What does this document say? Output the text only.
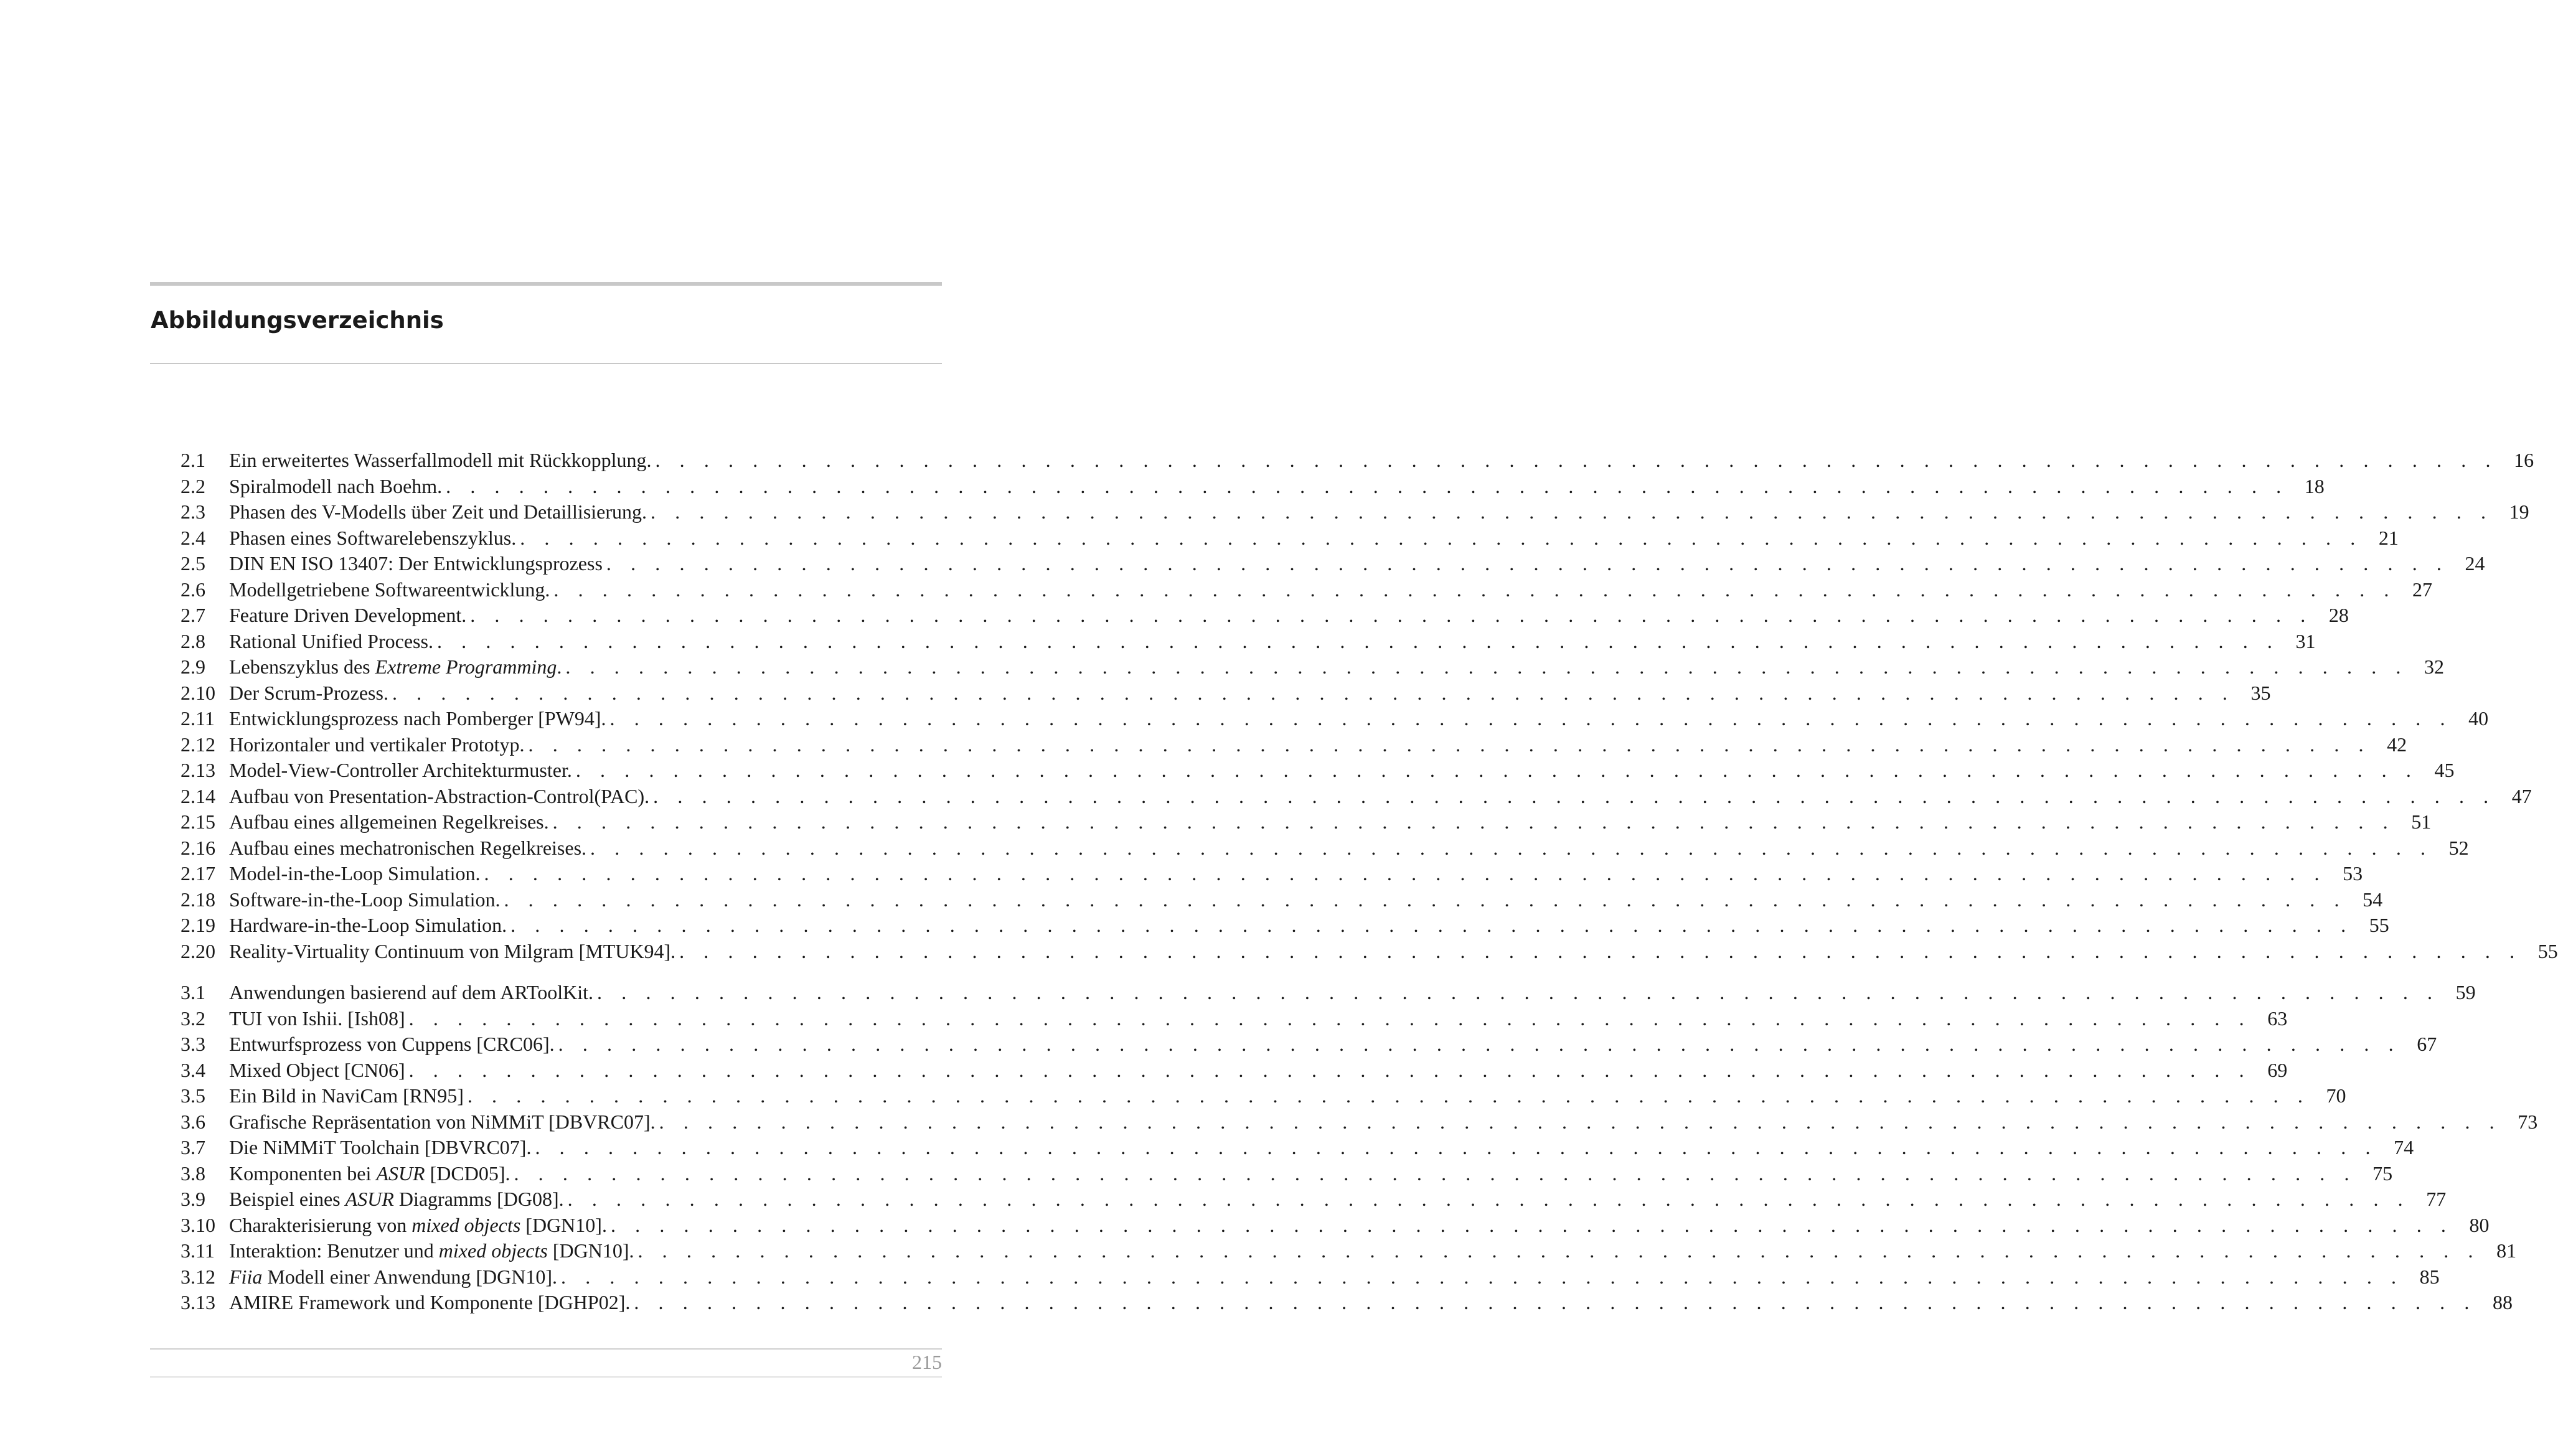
Abbildungsverzeichnis
2.1	Ein erweitertes Wasserfallmodell mit Rückkopplung. . . . . . . . . . . . . . . . . . . . . . . . . . . . . . . . . . . . . . . . . . . . . . . . . . . . . . . . . . . . . . . . . . . . . . . . . . . . . 16
2.2	Spiralmodell nach Boehm. . . . . . . . . . . . . . . . . . . . . . . . . . . . . . . . . . . . . . . . . . . . . . . . . . . . . . . . . . . . . . . . . . . . . . . . . . . . . 18
2.3	Phasen des V-Modells über Zeit und Detaillisierung. . . . . . . . . . . . . . . . . . . . . . . . . . . . . . . . . . . . . . . . . . . . . . . . . . . . . . . . . . . . . . . . . . . . . . . . . . . . . 19
2.4	Phasen eines Softwarelebenszyklus. . . . . . . . . . . . . . . . . . . . . . . . . . . . . . . . . . . . . . . . . . . . . . . . . . . . . . . . . . . . . . . . . . . . . . . . . . . . . 21
2.5	DIN EN ISO 13407: Der Entwicklungsprozess . . . . . . . . . . . . . . . . . . . . . . . . . . . . . . . . . . . . . . . . . . . . . . . . . . . . . . . . . . . . . . . . . . . . . . . . . . . . 24
2.6	Modellgetriebene Softwareentwicklung. . . . . . . . . . . . . . . . . . . . . . . . . . . . . . . . . . . . . . . . . . . . . . . . . . . . . . . . . . . . . . . . . . . . . . . . . . . . . 27
2.7	Feature Driven Development. . . . . . . . . . . . . . . . . . . . . . . . . . . . . . . . . . . . . . . . . . . . . . . . . . . . . . . . . . . . . . . . . . . . . . . . . . . . . 28
2.8	Rational Unified Process. . . . . . . . . . . . . . . . . . . . . . . . . . . . . . . . . . . . . . . . . . . . . . . . . . . . . . . . . . . . . . . . . . . . . . . . . . . . . 31
2.9	Lebenszyklus des Extreme Programming. . . . . . . . . . . . . . . . . . . . . . . . . . . . . . . . . . . . . . . . . . . . . . . . . . . . . . . . . . . . . . . . . . . . . . . . . . . . . 32
2.10 Der Scrum-Prozess. . . . . . . . . . . . . . . . . . . . . . . . . . . . . . . . . . . . . . . . . . . . . . . . . . . . . . . . . . . . . . . . . . . . . . . . . . . . . 35
2.11 Entwicklungsprozess nach Pomberger [PW94]. . . . . . . . . . . . . . . . . . . . . . . . . . . . . . . . . . . . . . . . . . . . . . . . . . . . . . . . . . . . . . . . . . . . . . . . . . . . . 40
2.12 Horizontaler und vertikaler Prototyp. . . . . . . . . . . . . . . . . . . . . . . . . . . . . . . . . . . . . . . . . . . . . . . . . . . . . . . . . . . . . . . . . . . . . . . . . . . . . 42
2.13 Model-View-Controller Architekturmuster. . . . . . . . . . . . . . . . . . . . . . . . . . . . . . . . . . . . . . . . . . . . . . . . . . . . . . . . . . . . . . . . . . . . . . . . . . . . . 45
2.14 Aufbau von Presentation-Abstraction-Control(PAC). . . . . . . . . . . . . . . . . . . . . . . . . . . . . . . . . . . . . . . . . . . . . . . . . . . . . . . . . . . . . . . . . . . . . . . . . . . . . 47
2.15 Aufbau eines allgemeinen Regelkreises. . . . . . . . . . . . . . . . . . . . . . . . . . . . . . . . . . . . . . . . . . . . . . . . . . . . . . . . . . . . . . . . . . . . . . . . . . . . . 51
2.16 Aufbau eines mechatronischen Regelkreises. . . . . . . . . . . . . . . . . . . . . . . . . . . . . . . . . . . . . . . . . . . . . . . . . . . . . . . . . . . . . . . . . . . . . . . . . . . . . 52
2.17 Model-in-the-Loop Simulation. . . . . . . . . . . . . . . . . . . . . . . . . . . . . . . . . . . . . . . . . . . . . . . . . . . . . . . . . . . . . . . . . . . . . . . . . . . . . 53
2.18 Software-in-the-Loop Simulation. . . . . . . . . . . . . . . . . . . . . . . . . . . . . . . . . . . . . . . . . . . . . . . . . . . . . . . . . . . . . . . . . . . . . . . . . . . . . 54
2.19 Hardware-in-the-Loop Simulation. . . . . . . . . . . . . . . . . . . . . . . . . . . . . . . . . . . . . . . . . . . . . . . . . . . . . . . . . . . . . . . . . . . . . . . . . . . . . 55
2.20 Reality-Virtuality Continuum von Milgram [MTUK94]. . . . . . . . . . . . . . . . . . . . . . . . . . . . . . . . . . . . . . . . . . . . . . . . . . . . . . . . . . . . . . . . . . . . . . . . . . . . . 55
3.1	Anwendungen basierend auf dem ARToolKit. . . . . . . . . . . . . . . . . . . . . . . . . . . . . . . . . . . . . . . . . . . . . . . . . . . . . . . . . . . . . . . . . . . . . . . . . . . . . 59
3.2	TUI von Ishii. [Ish08] . . . . . . . . . . . . . . . . . . . . . . . . . . . . . . . . . . . . . . . . . . . . . . . . . . . . . . . . . . . . . . . . . . . . . . . . . . . . 63
3.3	Entwurfsprozess von Cuppens [CRC06]. . . . . . . . . . . . . . . . . . . . . . . . . . . . . . . . . . . . . . . . . . . . . . . . . . . . . . . . . . . . . . . . . . . . . . . . . . . . . 67
3.4	Mixed Object [CN06] . . . . . . . . . . . . . . . . . . . . . . . . . . . . . . . . . . . . . . . . . . . . . . . . . . . . . . . . . . . . . . . . . . . . . . . . . . . . 69
3.5	Ein Bild in NaviCam [RN95] . . . . . . . . . . . . . . . . . . . . . . . . . . . . . . . . . . . . . . . . . . . . . . . . . . . . . . . . . . . . . . . . . . . . . . . . . . . . 70
3.6	Grafische Repräsentation von NiMMiT [DBVRC07]. . . . . . . . . . . . . . . . . . . . . . . . . . . . . . . . . . . . . . . . . . . . . . . . . . . . . . . . . . . . . . . . . . . . . . . . . . . . . 73
3.7	Die NiMMiT Toolchain [DBVRC07]. . . . . . . . . . . . . . . . . . . . . . . . . . . . . . . . . . . . . . . . . . . . . . . . . . . . . . . . . . . . . . . . . . . . . . . . . . . . . 74
3.8	Komponenten bei ASUR [DCD05]. . . . . . . . . . . . . . . . . . . . . . . . . . . . . . . . . . . . . . . . . . . . . . . . . . . . . . . . . . . . . . . . . . . . . . . . . . . . . 75
3.9	Beispiel eines ASUR Diagramms [DG08]. . . . . . . . . . . . . . . . . . . . . . . . . . . . . . . . . . . . . . . . . . . . . . . . . . . . . . . . . . . . . . . . . . . . . . . . . . . . . 77
3.10 Charakterisierung von mixed objects [DGN10]. . . . . . . . . . . . . . . . . . . . . . . . . . . . . . . . . . . . . . . . . . . . . . . . . . . . . . . . . . . . . . . . . . . . . . . . . . . . . 80
3.11 Interaktion: Benutzer und mixed objects [DGN10]. . . . . . . . . . . . . . . . . . . . . . . . . . . . . . . . . . . . . . . . . . . . . . . . . . . . . . . . . . . . . . . . . . . . . . . . . . . . . 81
3.12 Fiia Modell einer Anwendung [DGN10]. . . . . . . . . . . . . . . . . . . . . . . . . . . . . . . . . . . . . . . . . . . . . . . . . . . . . . . . . . . . . . . . . . . . . . . . . . . . . 85
3.13 AMIRE Framework und Komponente [DGHP02]. . . . . . . . . . . . . . . . . . . . . . . . . . . . . . . . . . . . . . . . . . . . . . . . . . . . . . . . . . . . . . . . . . . . . . . . . . . . . 88
215
